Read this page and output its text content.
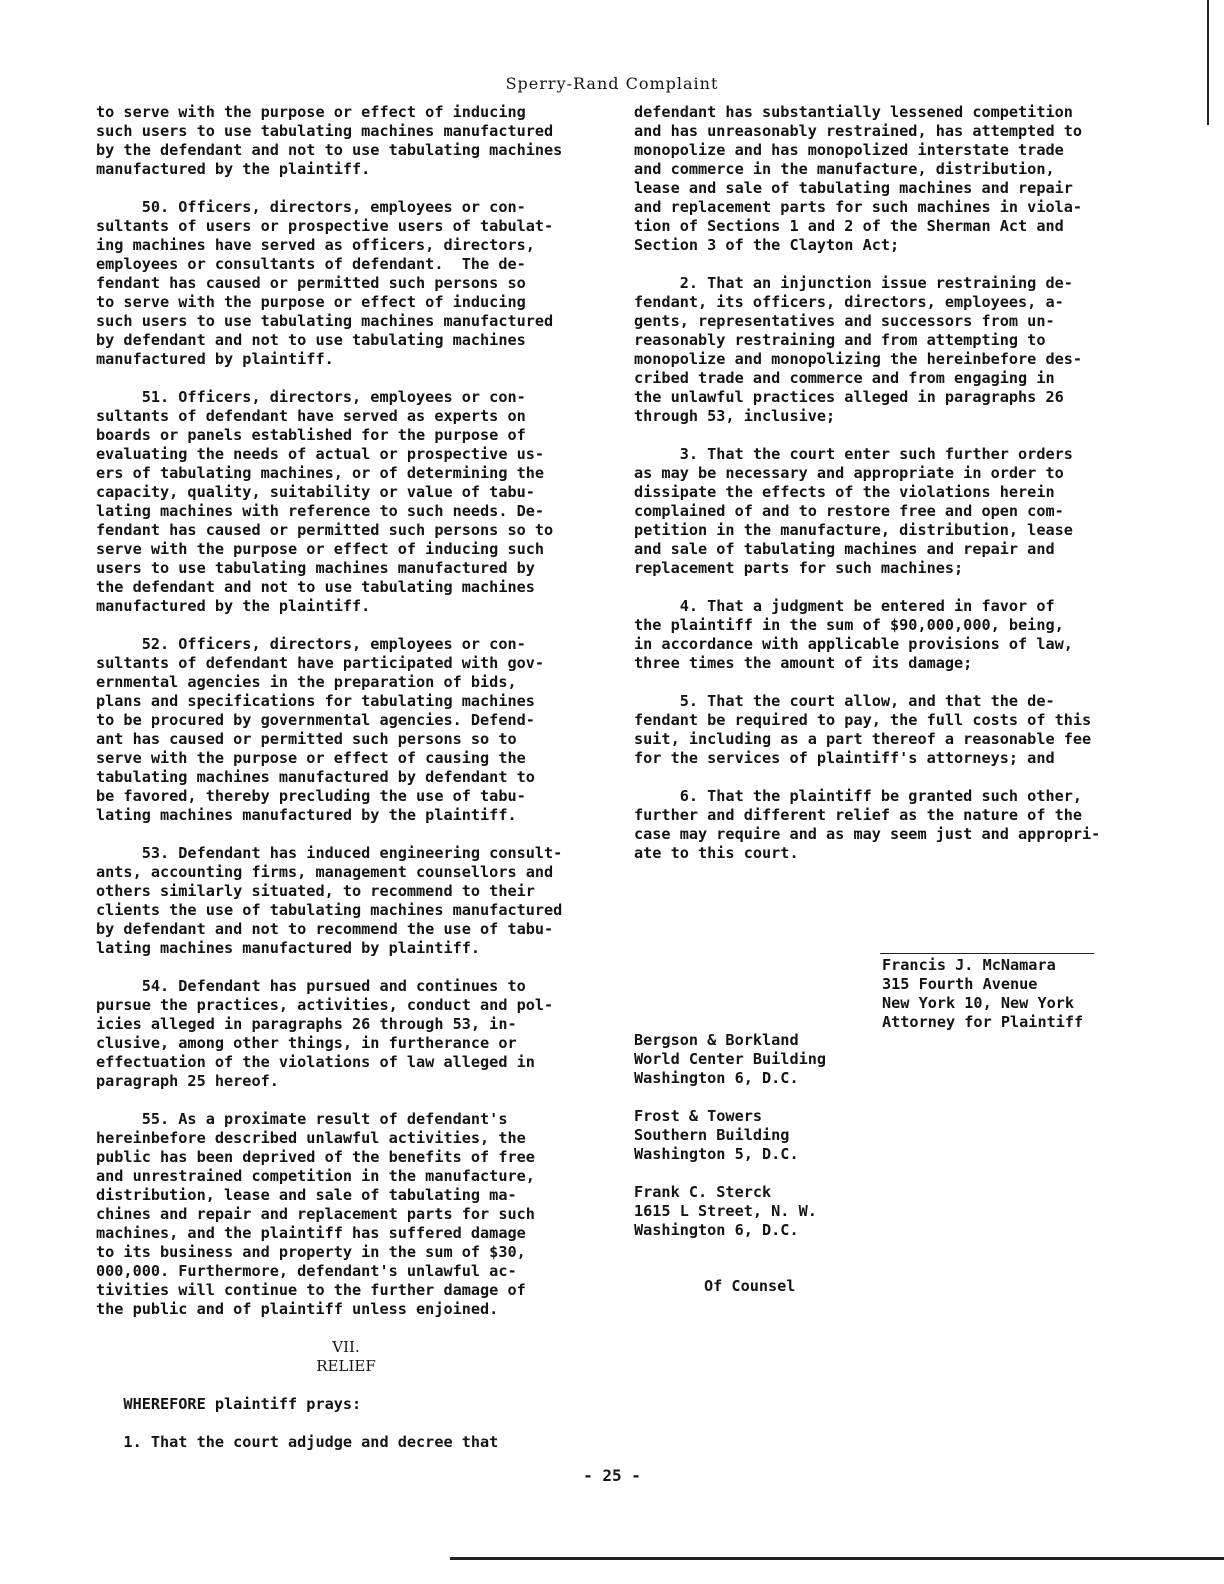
Sperry-Rand Complaint
to serve with the purpose or effect of inducing
such users to use tabulating machines manufactured
by the defendant and not to use tabulating machines
manufactured by the plaintiff.
50. Officers, directors, employees or con-
sultants of users or prospective users of tabulat-
ing machines have served as officers, directors,
employees or consultants of defendant.  The de-
fendant has caused or permitted such persons so
to serve with the purpose or effect of inducing
such users to use tabulating machines manufactured
by defendant and not to use tabulating machines
manufactured by plaintiff.
51. Officers, directors, employees or con-
sultants of defendant have served as experts on
boards or panels established for the purpose of
evaluating the needs of actual or prospective us-
ers of tabulating machines, or of determining the
capacity, quality, suitability or value of tabu-
lating machines with reference to such needs. De-
fendant has caused or permitted such persons so to
serve with the purpose or effect of inducing such
users to use tabulating machines manufactured by
the defendant and not to use tabulating machines
manufactured by the plaintiff.
52. Officers, directors, employees or con-
sultants of defendant have participated with gov-
ernmental agencies in the preparation of bids,
plans and specifications for tabulating machines
to be procured by governmental agencies. Defend-
ant has caused or permitted such persons so to
serve with the purpose or effect of causing the
tabulating machines manufactured by defendant to
be favored, thereby precluding the use of tabu-
lating machines manufactured by the plaintiff.
53. Defendant has induced engineering consult-
ants, accounting firms, management counsellors and
others similarly situated, to recommend to their
clients the use of tabulating machines manufactured
by defendant and not to recommend the use of tabu-
lating machines manufactured by plaintiff.
54. Defendant has pursued and continues to
pursue the practices, activities, conduct and pol-
icies alleged in paragraphs 26 through 53, in-
clusive, among other things, in furtherance or
effectuation of the violations of law alleged in
paragraph 25 hereof.
55. As a proximate result of defendant's
hereinbefore described unlawful activities, the
public has been deprived of the benefits of free
and unrestrained competition in the manufacture,
distribution, lease and sale of tabulating ma-
chines and repair and replacement parts for such
machines, and the plaintiff has suffered damage
to its business and property in the sum of $30,
000,000. Furthermore, defendant's unlawful ac-
tivities will continue to the further damage of
the public and of plaintiff unless enjoined.
VII.
RELIEF
WHEREFORE plaintiff prays:
1. That the court adjudge and decree that
defendant has substantially lessened competition
and has unreasonably restrained, has attempted to
monopolize and has monopolized interstate trade
and commerce in the manufacture, distribution,
lease and sale of tabulating machines and repair
and replacement parts for such machines in viola-
tion of Sections 1 and 2 of the Sherman Act and
Section 3 of the Clayton Act;
2. That an injunction issue restraining de-
fendant, its officers, directors, employees, a-
gents, representatives and successors from un-
reasonably restraining and from attempting to
monopolize and monopolizing the hereinbefore des-
cribed trade and commerce and from engaging in
the unlawful practices alleged in paragraphs 26
through 53, inclusive;
3. That the court enter such further orders
as may be necessary and appropriate in order to
dissipate the effects of the violations herein
complained of and to restore free and open com-
petition in the manufacture, distribution, lease
and sale of tabulating machines and repair and
replacement parts for such machines;
4. That a judgment be entered in favor of
the plaintiff in the sum of $90,000,000, being,
in accordance with applicable provisions of law,
three times the amount of its damage;
5. That the court allow, and that the de-
fendant be required to pay, the full costs of this
suit, including as a part thereof a reasonable fee
for the services of plaintiff's attorneys; and
6. That the plaintiff be granted such other,
further and different relief as the nature of the
case may require and as may seem just and appropri-
ate to this court.
Francis J. McNamara
315 Fourth Avenue
New York 10, New York
Attorney for Plaintiff
Bergson & Borkland
World Center Building
Washington 6, D.C.
Frost & Towers
Southern Building
Washington 5, D.C.
Frank C. Sterck
1615 L Street, N. W.
Washington 6, D.C.
Of Counsel
- 25 -
